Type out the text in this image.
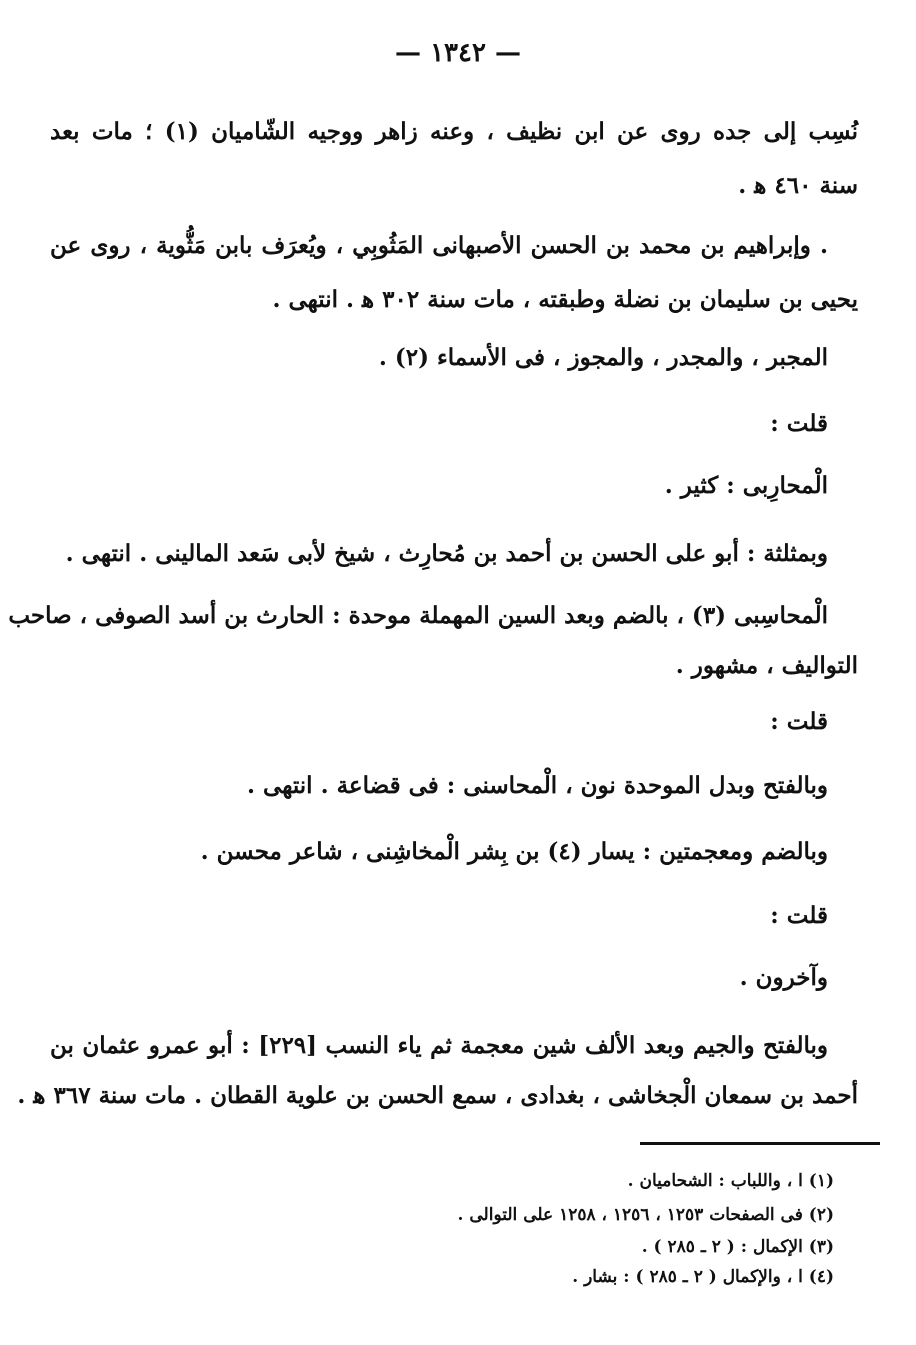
— ١٣٤٢ —
نُسِب إلى جده روى عن ابن نظيف ، وعنه زاهر ووجيه الشّاميان (١) ؛ مات بعد
سنة ٤٦٠ ﻫ .
. وإبراهيم بن محمد بن الحسن الأصبهانى المَثُوبِي ، ويُعرَف بابن مَثُّوية ، روى عن
يحيى بن سليمان بن نضلة وطبقته ، مات سنة ٣٠٢ ﻫ . انتهى .
المجبر ، والمجدر ، والمجوز ، فى الأسماء (٢) .
قلت :
الْمحارِبى : كثير .
وبمثلثة : أبو على الحسن بن أحمد بن مُحارِث ، شيخ لأبى سَعد المالينى . انتهى .
الْمحاسِبى (٣) ، بالضم وبعد السين المهملة موحدة : الحارث بن أسد الصوفى ، صاحب
التواليف ، مشهور .
قلت :
وبالفتح وبدل الموحدة نون ، الْمحاسنى : فى قضاعة . انتهى .
وبالضم ومعجمتين : يسار (٤) بن بِشر الْمخاشِنى ، شاعر محسن .
قلت :
وآخرون .
وبالفتح والجيم وبعد الألف شين معجمة ثم ياء النسب [٢٢٩] : أبو عمرو عثمان بن
أحمد بن سمعان الْجخاشى ، بغدادى ، سمع الحسن بن علوية القطان . مات سنة ٣٦٧ ﻫ .
(١) ا ، واللباب : الشحاميان .
(٢) فى الصفحات ١٢٥٣ ، ١٢٥٦ ، ١٢٥٨ على التوالى .
(٣) الإكمال : ( ٢ ـ ٢٨٥ ) .
(٤) ا ، والإكمال ( ٢ ـ ٢٨٥ ) : بشار .
